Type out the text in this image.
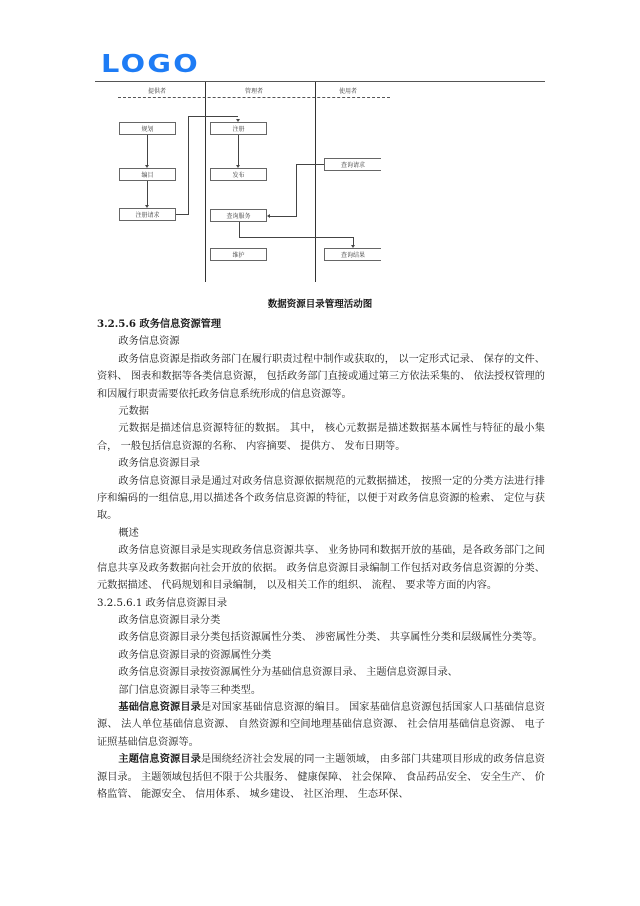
LOGO
提供者	管理者	使用者
规划
编目
注册请求
注册
发布
查询服务
维护
查询请求
查询结果
数据资源目录管理活动图

3.2.5.6 政务信息资源管理

政务信息资源

政务信息资源是指政务部门在履行职责过程中制作或获取的， 以一定形式记录、 保存的文件、 资料、 图表和数据等各类信息资源， 包括政务部门直接或通过第三方依法采集的、 依法授权管理的和因履行职责需要依托政务信息系统形成的信息资源等。

元数据

元数据是描述信息资源特征的数据。 其中， 核心元数据是描述数据基本属性与特征的最小集合， 一般包括信息资源的名称、 内容摘要、 提供方、 发布日期等。

政务信息资源目录

政务信息资源目录是通过对政务信息资源依据规范的元数据描述， 按照一定的分类方法进行排序和编码的一组信息,用以描述各个政务信息资源的特征，以便于对政务信息资源的检索、 定位与获取。

概述

政务信息资源目录是实现政务信息资源共享、 业务协同和数据开放的基础，是各政务部门之间信息共享及政务数据向社会开放的依据。 政务信息资源目录编制工作包括对政务信息资源的分类、 元数据描述、 代码规划和目录编制， 以及相关工作的组织、 流程、 要求等方面的内容。

3.2.5.6.1 政务信息资源目录

政务信息资源目录分类

政务信息资源目录分类包括资源属性分类、 涉密属性分类、 共享属性分类和层级属性分类等。

政务信息资源目录的资源属性分类

政务信息资源目录按资源属性分为基础信息资源目录、 主题信息资源目录、

部门信息资源目录等三种类型。

基础信息资源目录是对国家基础信息资源的编目。 国家基础信息资源包括国家人口基础信息资源、 法人单位基础信息资源、 自然资源和空间地理基础信息资源、 社会信用基础信息资源、 电子证照基础信息资源等。

主题信息资源目录是围绕经济社会发展的同一主题领域， 由多部门共建项目形成的政务信息资源目录。 主题领域包括但不限于公共服务、 健康保障、 社会保障、 食品药品安全、 安全生产、 价格监管、 能源安全、 信用体系、 城乡建设、 社区治理、 生态环保、
